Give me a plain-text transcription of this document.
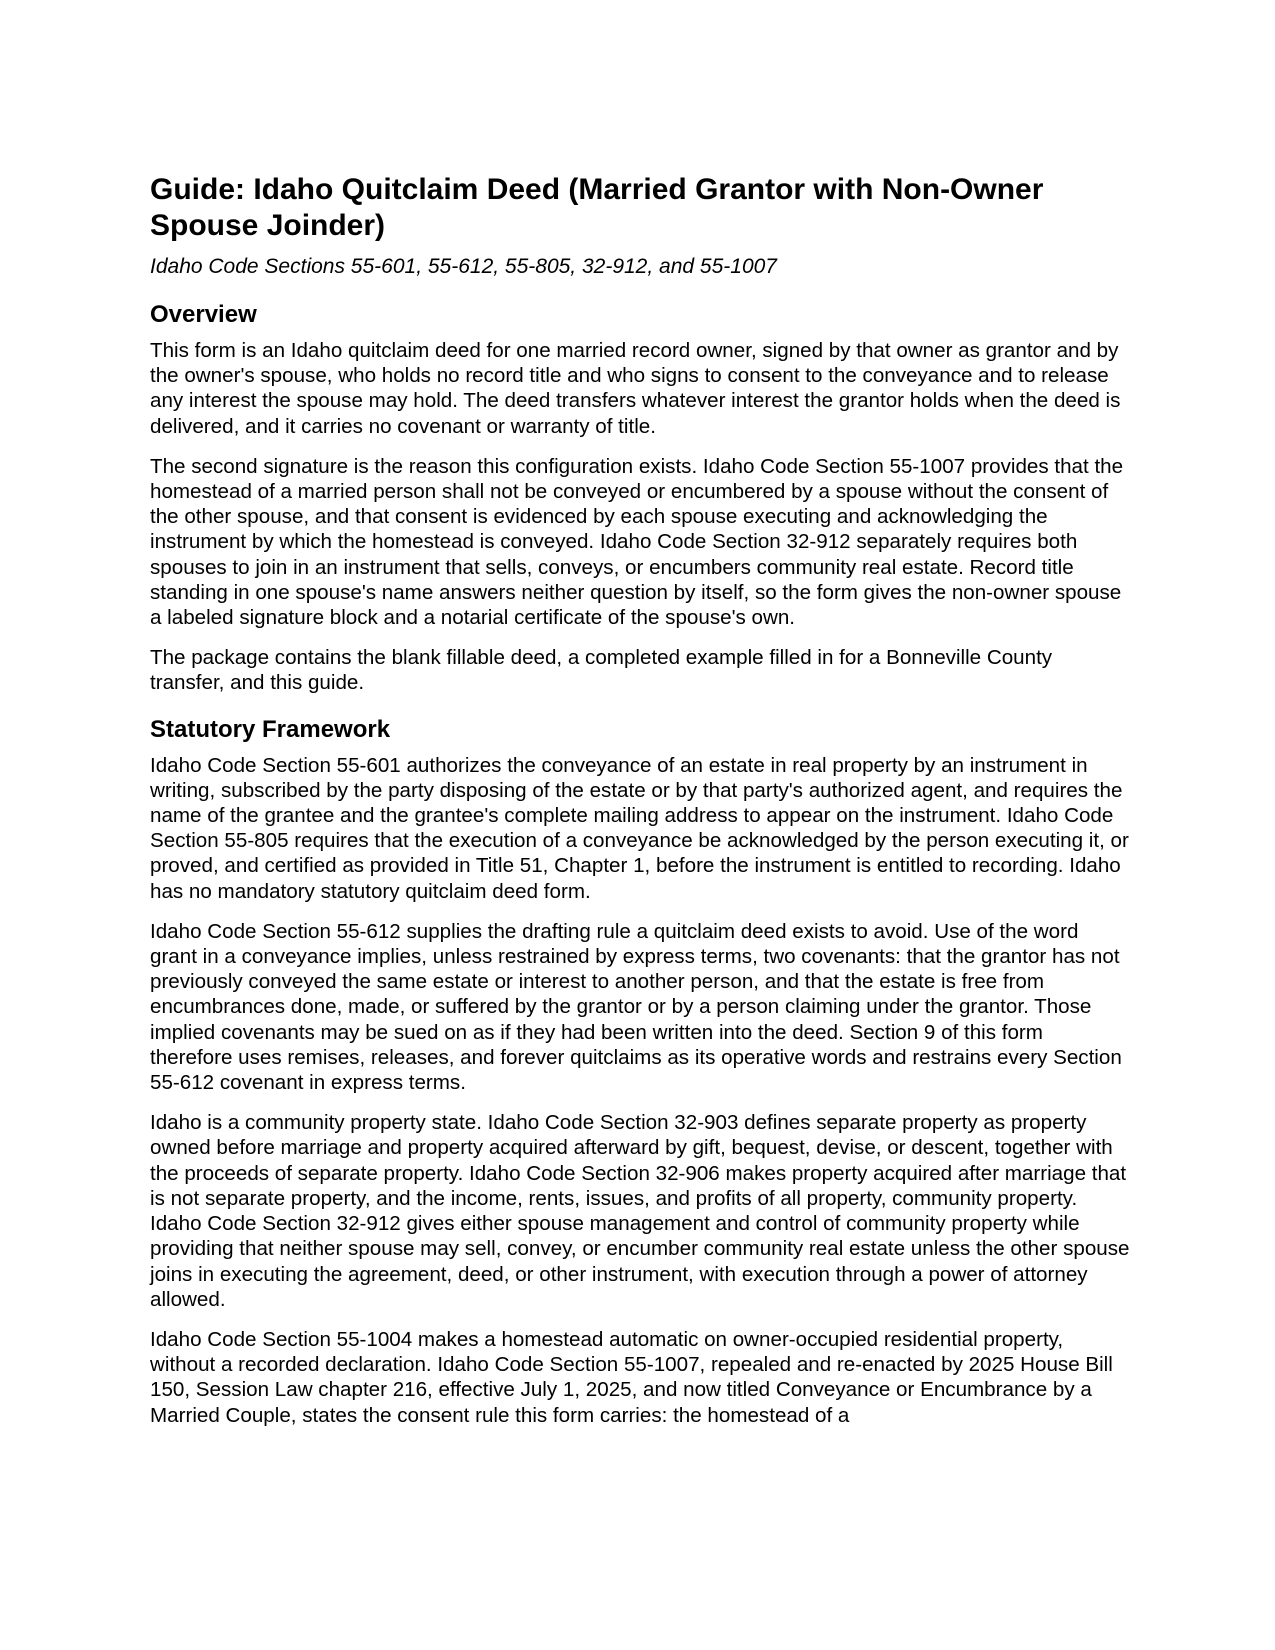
Guide: Idaho Quitclaim Deed (Married Grantor with Non-Owner Spouse Joinder)
Idaho Code Sections 55-601, 55-612, 55-805, 32-912, and 55-1007
Overview

This form is an Idaho quitclaim deed for one married record owner, signed by that owner as grantor and by the owner's spouse, who holds no record title and who signs to consent to the conveyance and to release any interest the spouse may hold. The deed transfers whatever interest the grantor holds when the deed is delivered, and it carries no covenant or warranty of title.

The second signature is the reason this configuration exists. Idaho Code Section 55-1007 provides that the homestead of a married person shall not be conveyed or encumbered by a spouse without the consent of the other spouse, and that consent is evidenced by each spouse executing and acknowledging the instrument by which the homestead is conveyed. Idaho Code Section 32-912 separately requires both spouses to join in an instrument that sells, conveys, or encumbers community real estate. Record title standing in one spouse's name answers neither question by itself, so the form gives the non-owner spouse a labeled signature block and a notarial certificate of the spouse's own.

The package contains the blank fillable deed, a completed example filled in for a Bonneville County transfer, and this guide.

Statutory Framework

Idaho Code Section 55-601 authorizes the conveyance of an estate in real property by an instrument in writing, subscribed by the party disposing of the estate or by that party's authorized agent, and requires the name of the grantee and the grantee's complete mailing address to appear on the instrument. Idaho Code Section 55-805 requires that the execution of a conveyance be acknowledged by the person executing it, or proved, and certified as provided in Title 51, Chapter 1, before the instrument is entitled to recording. Idaho has no mandatory statutory quitclaim deed form.

Idaho Code Section 55-612 supplies the drafting rule a quitclaim deed exists to avoid. Use of the word grant in a conveyance implies, unless restrained by express terms, two covenants: that the grantor has not previously conveyed the same estate or interest to another person, and that the estate is free from encumbrances done, made, or suffered by the grantor or by a person claiming under the grantor. Those implied covenants may be sued on as if they had been written into the deed. Section 9 of this form therefore uses remises, releases, and forever quitclaims as its operative words and restrains every Section 55-612 covenant in express terms.

Idaho is a community property state. Idaho Code Section 32-903 defines separate property as property owned before marriage and property acquired afterward by gift, bequest, devise, or descent, together with the proceeds of separate property. Idaho Code Section 32-906 makes property acquired after marriage that is not separate property, and the income, rents, issues, and profits of all property, community property. Idaho Code Section 32-912 gives either spouse management and control of community property while providing that neither spouse may sell, convey, or encumber community real estate unless the other spouse joins in executing the agreement, deed, or other instrument, with execution through a power of attorney allowed.

Idaho Code Section 55-1004 makes a homestead automatic on owner-occupied residential property, without a recorded declaration. Idaho Code Section 55-1007, repealed and re-enacted by 2025 House Bill 150, Session Law chapter 216, effective July 1, 2025, and now titled Conveyance or Encumbrance by a Married Couple, states the consent rule this form carries: the homestead of a
